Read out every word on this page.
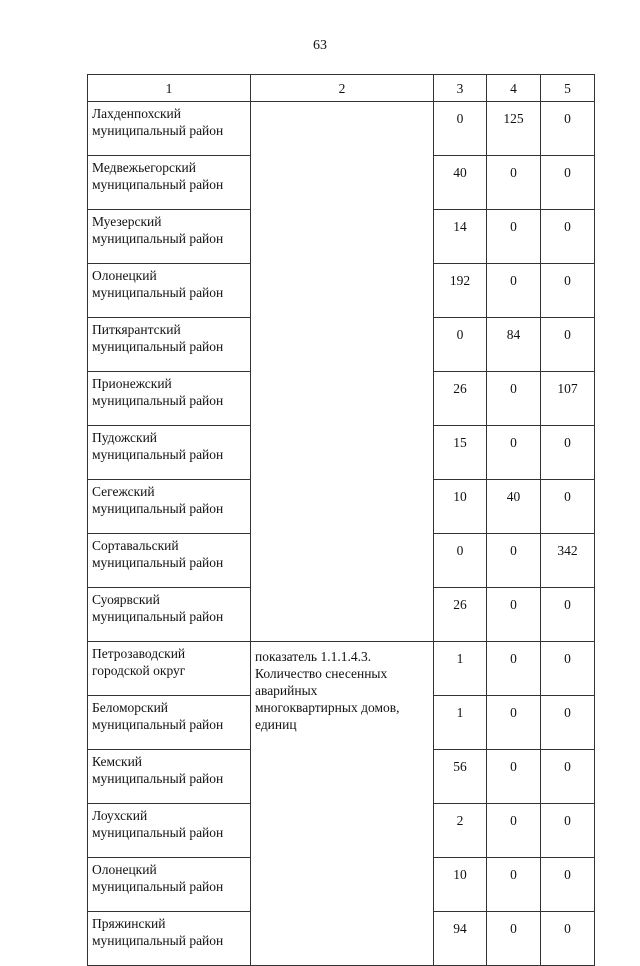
63
1	2	3	4	5
Лахденпохский
муниципальный район		0	125	0
Медвежьегорский
муниципальный район		40	0	0
Муезерский
муниципальный район		14	0	0
Олонецкий
муниципальный район		192	0	0
Питкярантский
муниципальный район		0	84	0
Прионежский
муниципальный район		26	0	107
Пудожский
муниципальный район		15	0	0
Сегежский
муниципальный район		10	40	0
Сортавальский
муниципальный район		0	0	342
Суоярвский
муниципальный район		26	0	0
Петрозаводский
городской округ	показатель 1.1.1.4.3.
Количество снесенных
аварийных
многоквартирных домов,
единиц	1	0	0
Беломорский
муниципальный район		1	0	0
Кемский
муниципальный район		56	0	0
Лоухский
муниципальный район		2	0	0
Олонецкий
муниципальный район		10	0	0
Пряжинский
муниципальный район		94	0	0
